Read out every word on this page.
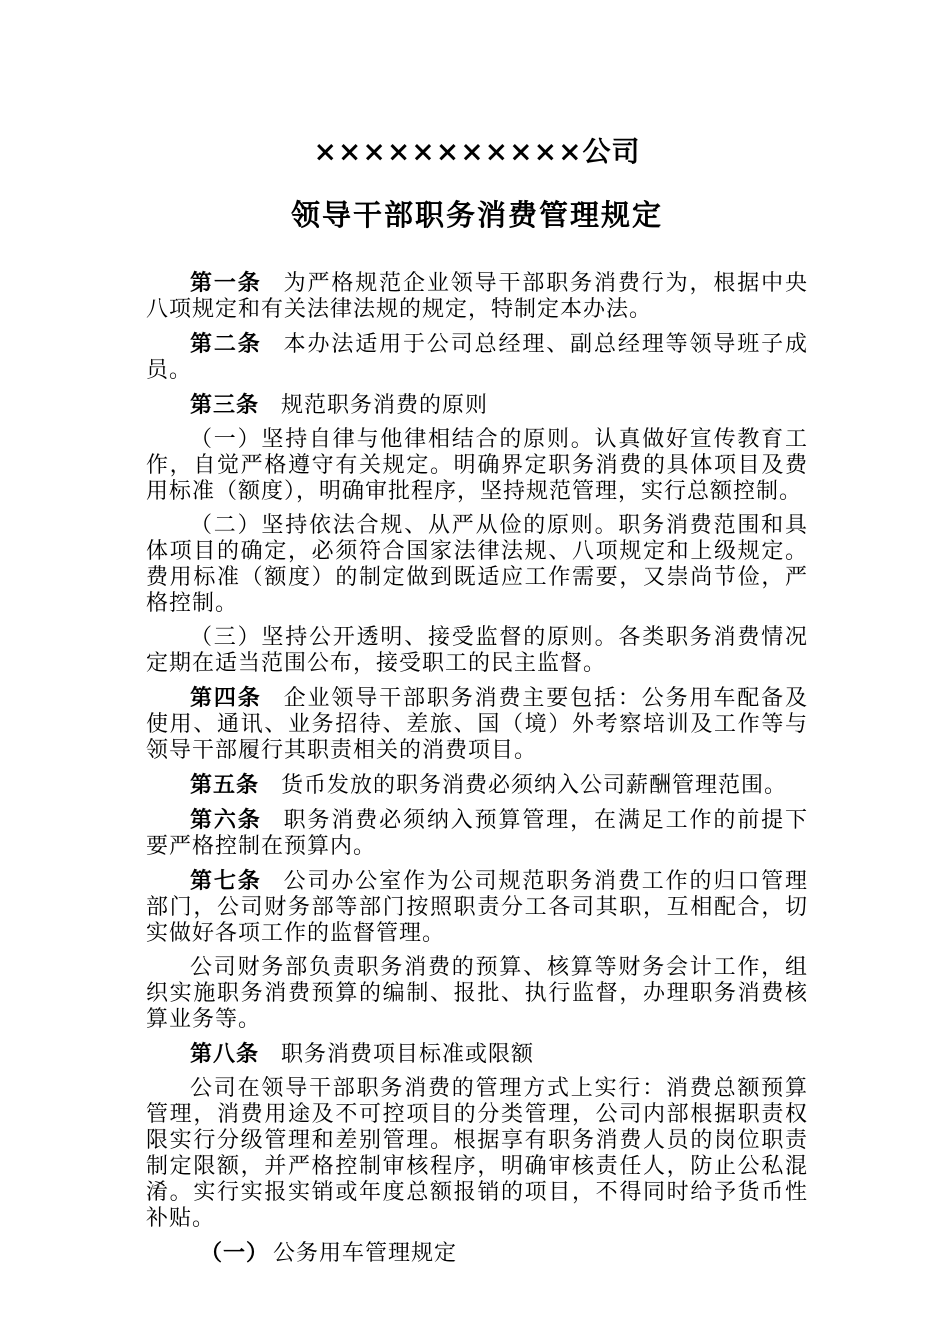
×××××××××××公司
领导干部职务消费管理规定

第一条 为严格规范企业领导干部职务消费行为，根据中央八项规定和有关法律法规的规定，特制定本办法。

第二条 本办法适用于公司总经理、副总经理等领导班子成员。

第三条 规范职务消费的原则

（一）坚持自律与他律相结合的原则。认真做好宣传教育工作，自觉严格遵守有关规定。明确界定职务消费的具体项目及费用标准（额度），明确审批程序，坚持规范管理，实行总额控制。

（二）坚持依法合规、从严从俭的原则。职务消费范围和具体项目的确定，必须符合国家法律法规、八项规定和上级规定。费用标准（额度）的制定做到既适应工作需要，又崇尚节俭，严格控制。

（三）坚持公开透明、接受监督的原则。各类职务消费情况定期在适当范围公布，接受职工的民主监督。

第四条 企业领导干部职务消费主要包括：公务用车配备及使用、通讯、业务招待、差旅、国（境）外考察培训及工作等与领导干部履行其职责相关的消费项目。

第五条 货币发放的职务消费必须纳入公司薪酬管理范围。

第六条 职务消费必须纳入预算管理，在满足工作的前提下要严格控制在预算内。

第七条 公司办公室作为公司规范职务消费工作的归口管理部门，公司财务部等部门按照职责分工各司其职，互相配合，切实做好各项工作的监督管理。

公司财务部负责职务消费的预算、核算等财务会计工作，组织实施职务消费预算的编制、报批、执行监督，办理职务消费核算业务等。

第八条 职务消费项目标准或限额

公司在领导干部职务消费的管理方式上实行：消费总额预算管理，消费用途及不可控项目的分类管理，公司内部根据职责权限实行分级管理和差别管理。根据享有职务消费人员的岗位职责制定限额，并严格控制审核程序，明确审核责任人，防止公私混淆。实行实报实销或年度总额报销的项目，不得同时给予货币性补贴。

（一） 公务用车管理规定
